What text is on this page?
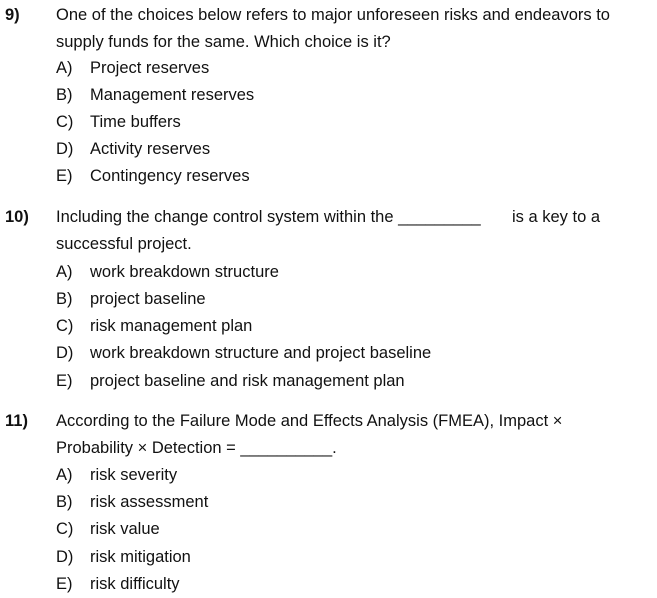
9) One of the choices below refers to major unforeseen risks and endeavors to
supply funds for the same. Which choice is it?
A) Project reserves
B) Management reserves
C) Time buffers
D) Activity reserves
E) Contingency reserves
10) Including the change control system within the _________ is a key to a
successful project.
A) work breakdown structure
B) project baseline
C) risk management plan
D) work breakdown structure and project baseline
E) project baseline and risk management plan
11) According to the Failure Mode and Effects Analysis (FMEA), Impact ×
Probability × Detection = __________.
A) risk severity
B) risk assessment
C) risk value
D) risk mitigation
E) risk difficulty
